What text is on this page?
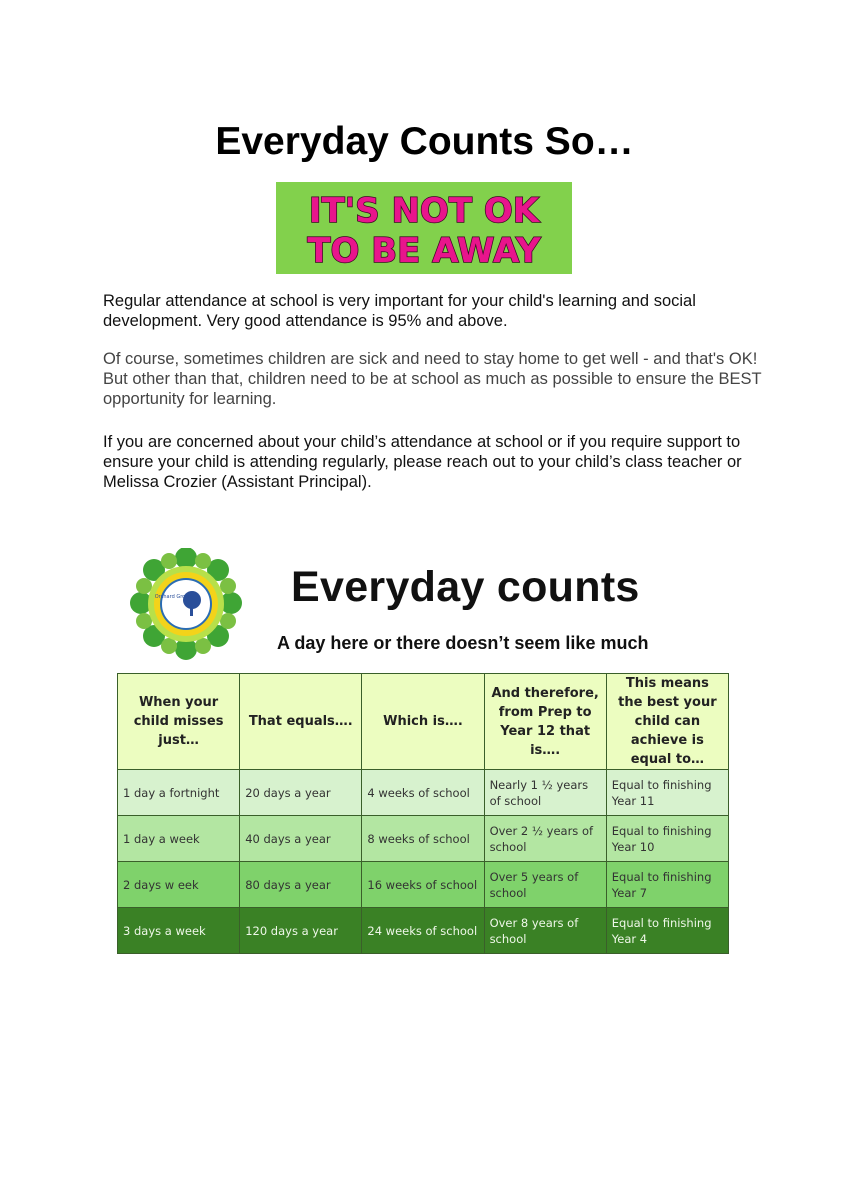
Everyday Counts So…
IT'S NOT OK
TO BE AWAY

Regular attendance at school is very important for your child's learning and social development. Very good attendance is 95% and above.

Of course, sometimes children are sick and need to stay home to get well - and that's OK! But other than that, children need to be at school as much as possible to ensure the BEST opportunity for learning.

If you are concerned about your child’s attendance at school or if you require support to ensure your child is attending regularly, please reach out to your child’s class teacher or Melissa Crozier (Assistant Principal).

Orchard Grove Everyday counts
A day here or there doesn’t seem like much
When your child misses just…	That equals….	Which is….	And therefore, from Prep to Year 12 that is….	This means the best your child can achieve is equal to…
1 day a fortnight	20 days a year	4 weeks of school	Nearly 1 ½ years of school	Equal to finishing Year 11
1 day a week	40 days a year	8 weeks of school	Over 2 ½ years of school	Equal to finishing Year 10
2 days w eek	80 days a year	16 weeks of school	Over 5 years of school	Equal to finishing Year 7
3 days a week	120 days a year	24 weeks of school	Over 8 years of school	Equal to finishing Year 4
